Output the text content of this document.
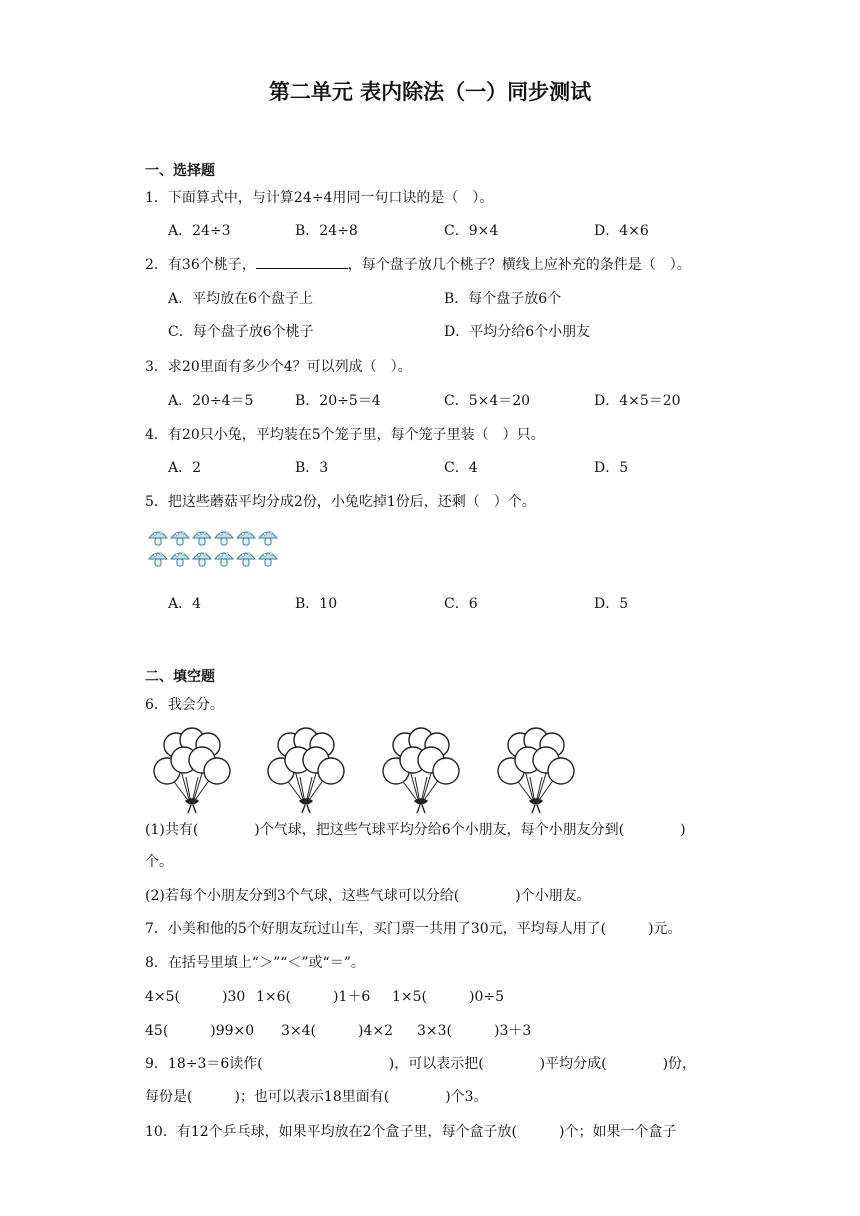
第二单元 表内除法（一）同步测试
一、选择题
1．下面算式中，与计算24÷4用同一句口诀的是（　）。
A．24÷3	B．24÷8	C．9×4	D．4×6
2．有36个桃子，	，每个盘子放几个桃子？横线上应补充的条件是（　）。
A．平均放在6个盘子上	B．每个盘子放6个
C．每个盘子放6个桃子	D．平均分给6个小朋友
3．求20里面有多少个4？可以列成（　）。
A．20÷4＝5	B．20÷5＝4	C．5×4＝20	D．4×5＝20
4．有20只小兔，平均装在5个笼子里，每个笼子里装（　）只。
A．2	B．3	C．4	D．5
5．把这些蘑菇平均分成2份，小兔吃掉1份后，还剩（　）个。
A．4	B．10	C．6	D．5
二、填空题
6．我会分。
(1)共有(　　　　)个气球，把这些气球平均分给6个小朋友，每个小朋友分到(　　　　)
个。
(2)若每个小朋友分到3个气球，这些气球可以分给(　　　　)个小朋友。
7．小美和他的5个好朋友玩过山车，买门票一共用了30元，平均每人用了(　　　)元。
8．在括号里填上“＞”“＜”或“＝”。
4×5(　　　)30 1×6(　　　)1＋6 1×5(　　　)0÷5
45(　　　)99×0 3×4(　　　)4×2 3×3(　　　)3＋3
9．18÷3＝6读作(　　　　　　　　　)，可以表示把(　　　　)平均分成(　　　　)份，
每份是(　　　)；也可以表示18里面有(　　　　)个3。
10．有12个乒乓球，如果平均放在2个盒子里，每个盒子放(　　　)个；如果一个盒子
